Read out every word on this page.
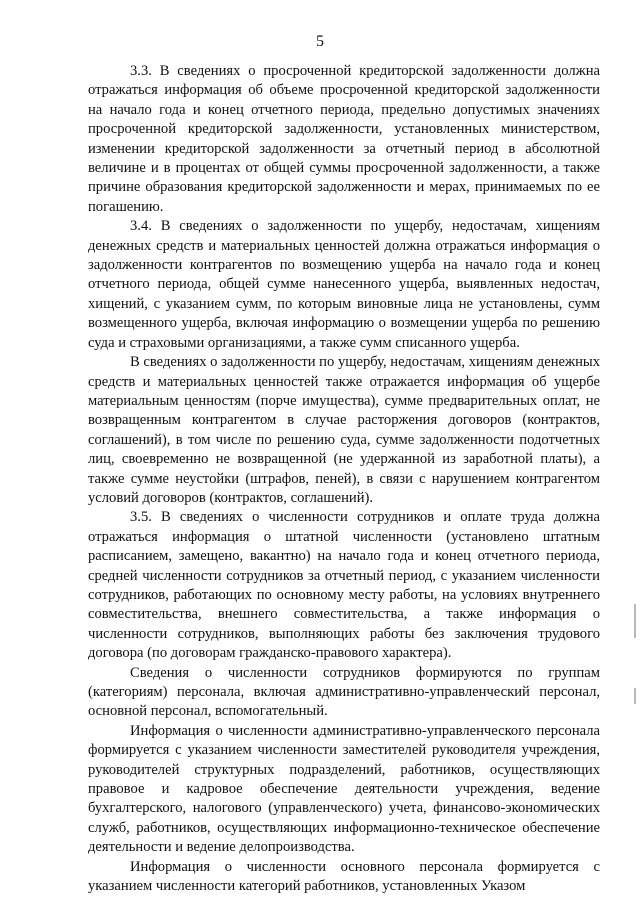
5

3.3. В сведениях о просроченной кредиторской задолженности должна отражаться информация об объеме просроченной кредиторской задолженности на начало года и конец отчетного периода, предельно допустимых значениях просроченной кредиторской задолженности, установленных министерством, изменении кредиторской задолженности за отчетный период в абсолютной величине и в процентах от общей суммы просроченной задолженности, а также причине образования кредиторской задолженности и мерах, принимаемых по ее погашению.

3.4. В сведениях о задолженности по ущербу, недостачам, хищениям денежных средств и материальных ценностей должна отражаться информация о задолженности контрагентов по возмещению ущерба на начало года и конец отчетного периода, общей сумме нанесенного ущерба, выявленных недостач, хищений, с указанием сумм, по которым виновные лица не установлены, сумм возмещенного ущерба, включая информацию о возмещении ущерба по решению суда и страховыми организациями, а также сумм списанного ущерба.

В сведениях о задолженности по ущербу, недостачам, хищениям денежных средств и материальных ценностей также отражается информация об ущербе материальным ценностям (порче имущества), сумме предварительных оплат, не возвращенным контрагентом в случае расторжения договоров (контрактов, соглашений), в том числе по решению суда, сумме задолженности подотчетных лиц, своевременно не возвращенной (не удержанной из заработной платы), а также сумме неустойки (штрафов, пеней), в связи с нарушением контрагентом условий договоров (контрактов, соглашений).

3.5. В сведениях о численности сотрудников и оплате труда должна отражаться информация о штатной численности (установлено штатным расписанием, замещено, вакантно) на начало года и конец отчетного периода, средней численности сотрудников за отчетный период, с указанием численности сотрудников, работающих по основному месту работы, на условиях внутреннего совместительства, внешнего совместительства, а также информация о численности сотрудников, выполняющих работы без заключения трудового договора (по договорам гражданско-правового характера).

Сведения о численности сотрудников формируются по группам (категориям) персонала, включая административно-управленческий персонал, основной персонал, вспомогательный.

Информация о численности административно-управленческого персонала формируется с указанием численности заместителей руководителя учреждения, руководителей структурных подразделений, работников, осуществляющих правовое и кадровое обеспечение деятельности учреждения, ведение бухгалтерского, налогового (управленческого) учета, финансово-экономических служб, работников, осуществляющих информационно-техническое обеспечение деятельности и ведение делопроизводства.

Информация о численности основного персонала формируется с указанием численности категорий работников, установленных Указом
